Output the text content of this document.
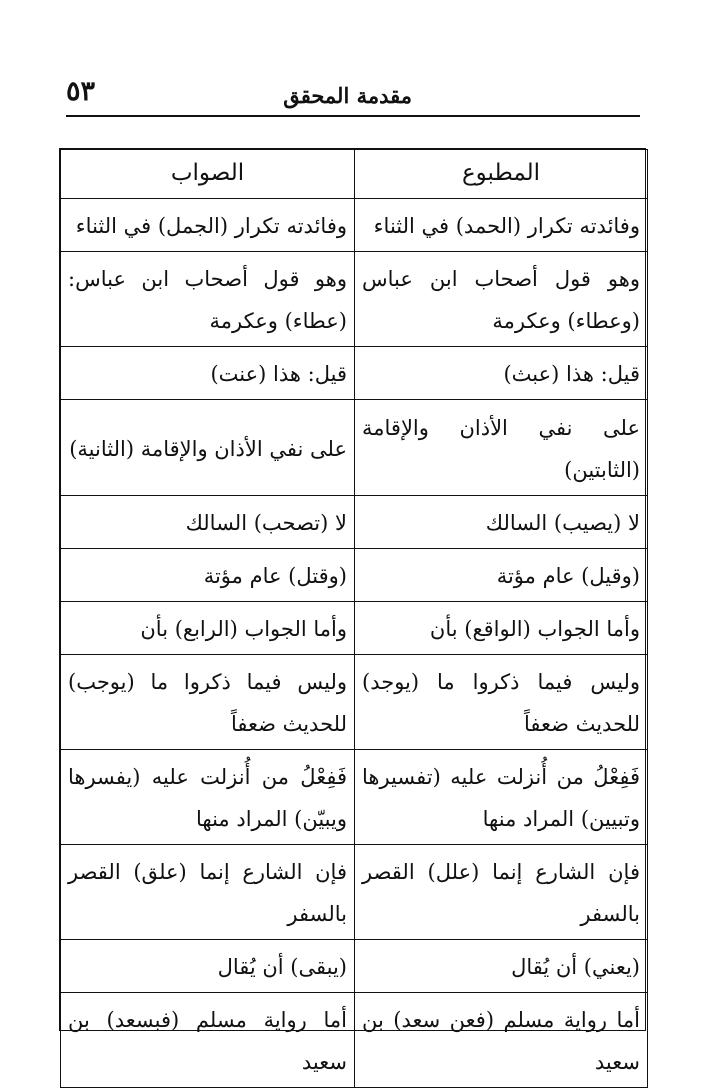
مقدمة المحقق
٥٣
المطبوع	الصواب
وفائدته تكرار (الحمد) في الثناء	وفائدته تكرار (الجمل) في الثناء
وهو قول أصحاب ابن عباس (وعطاء) وعكرمة	وهو قول أصحاب ابن عباس: (عطاء) وعكرمة
قيل: هذا (عبث)	قيل: هذا (عنت)
على نفي الأذان والإقامة (الثابتين)	على نفي الأذان والإقامة (الثانية)
لا (يصيب) السالك	لا (تصحب) السالك
(وقيل) عام مؤتة	(وقتل) عام مؤتة
وأما الجواب (الواقع) بأن	وأما الجواب (الرابع) بأن
وليس فيما ذكروا ما (يوجد) للحديث ضعفاً	وليس فيما ذكروا ما (يوجب) للحديث ضعفاً
فَفِعْلُ من أُنزلت عليه (تفسيرها وتبيين) المراد منها	فَفِعْلُ من أُنزلت عليه (يفسرها ويبيّن) المراد منها
فإن الشارع إنما (علل) القصر بالسفر	فإن الشارع إنما (علق) القصر بالسفر
(يعني) أن يُقال	(يبقى) أن يُقال
أما رواية مسلم (فعن سعد) بن سعيد	أما رواية مسلم (فبسعد) بن سعيد
